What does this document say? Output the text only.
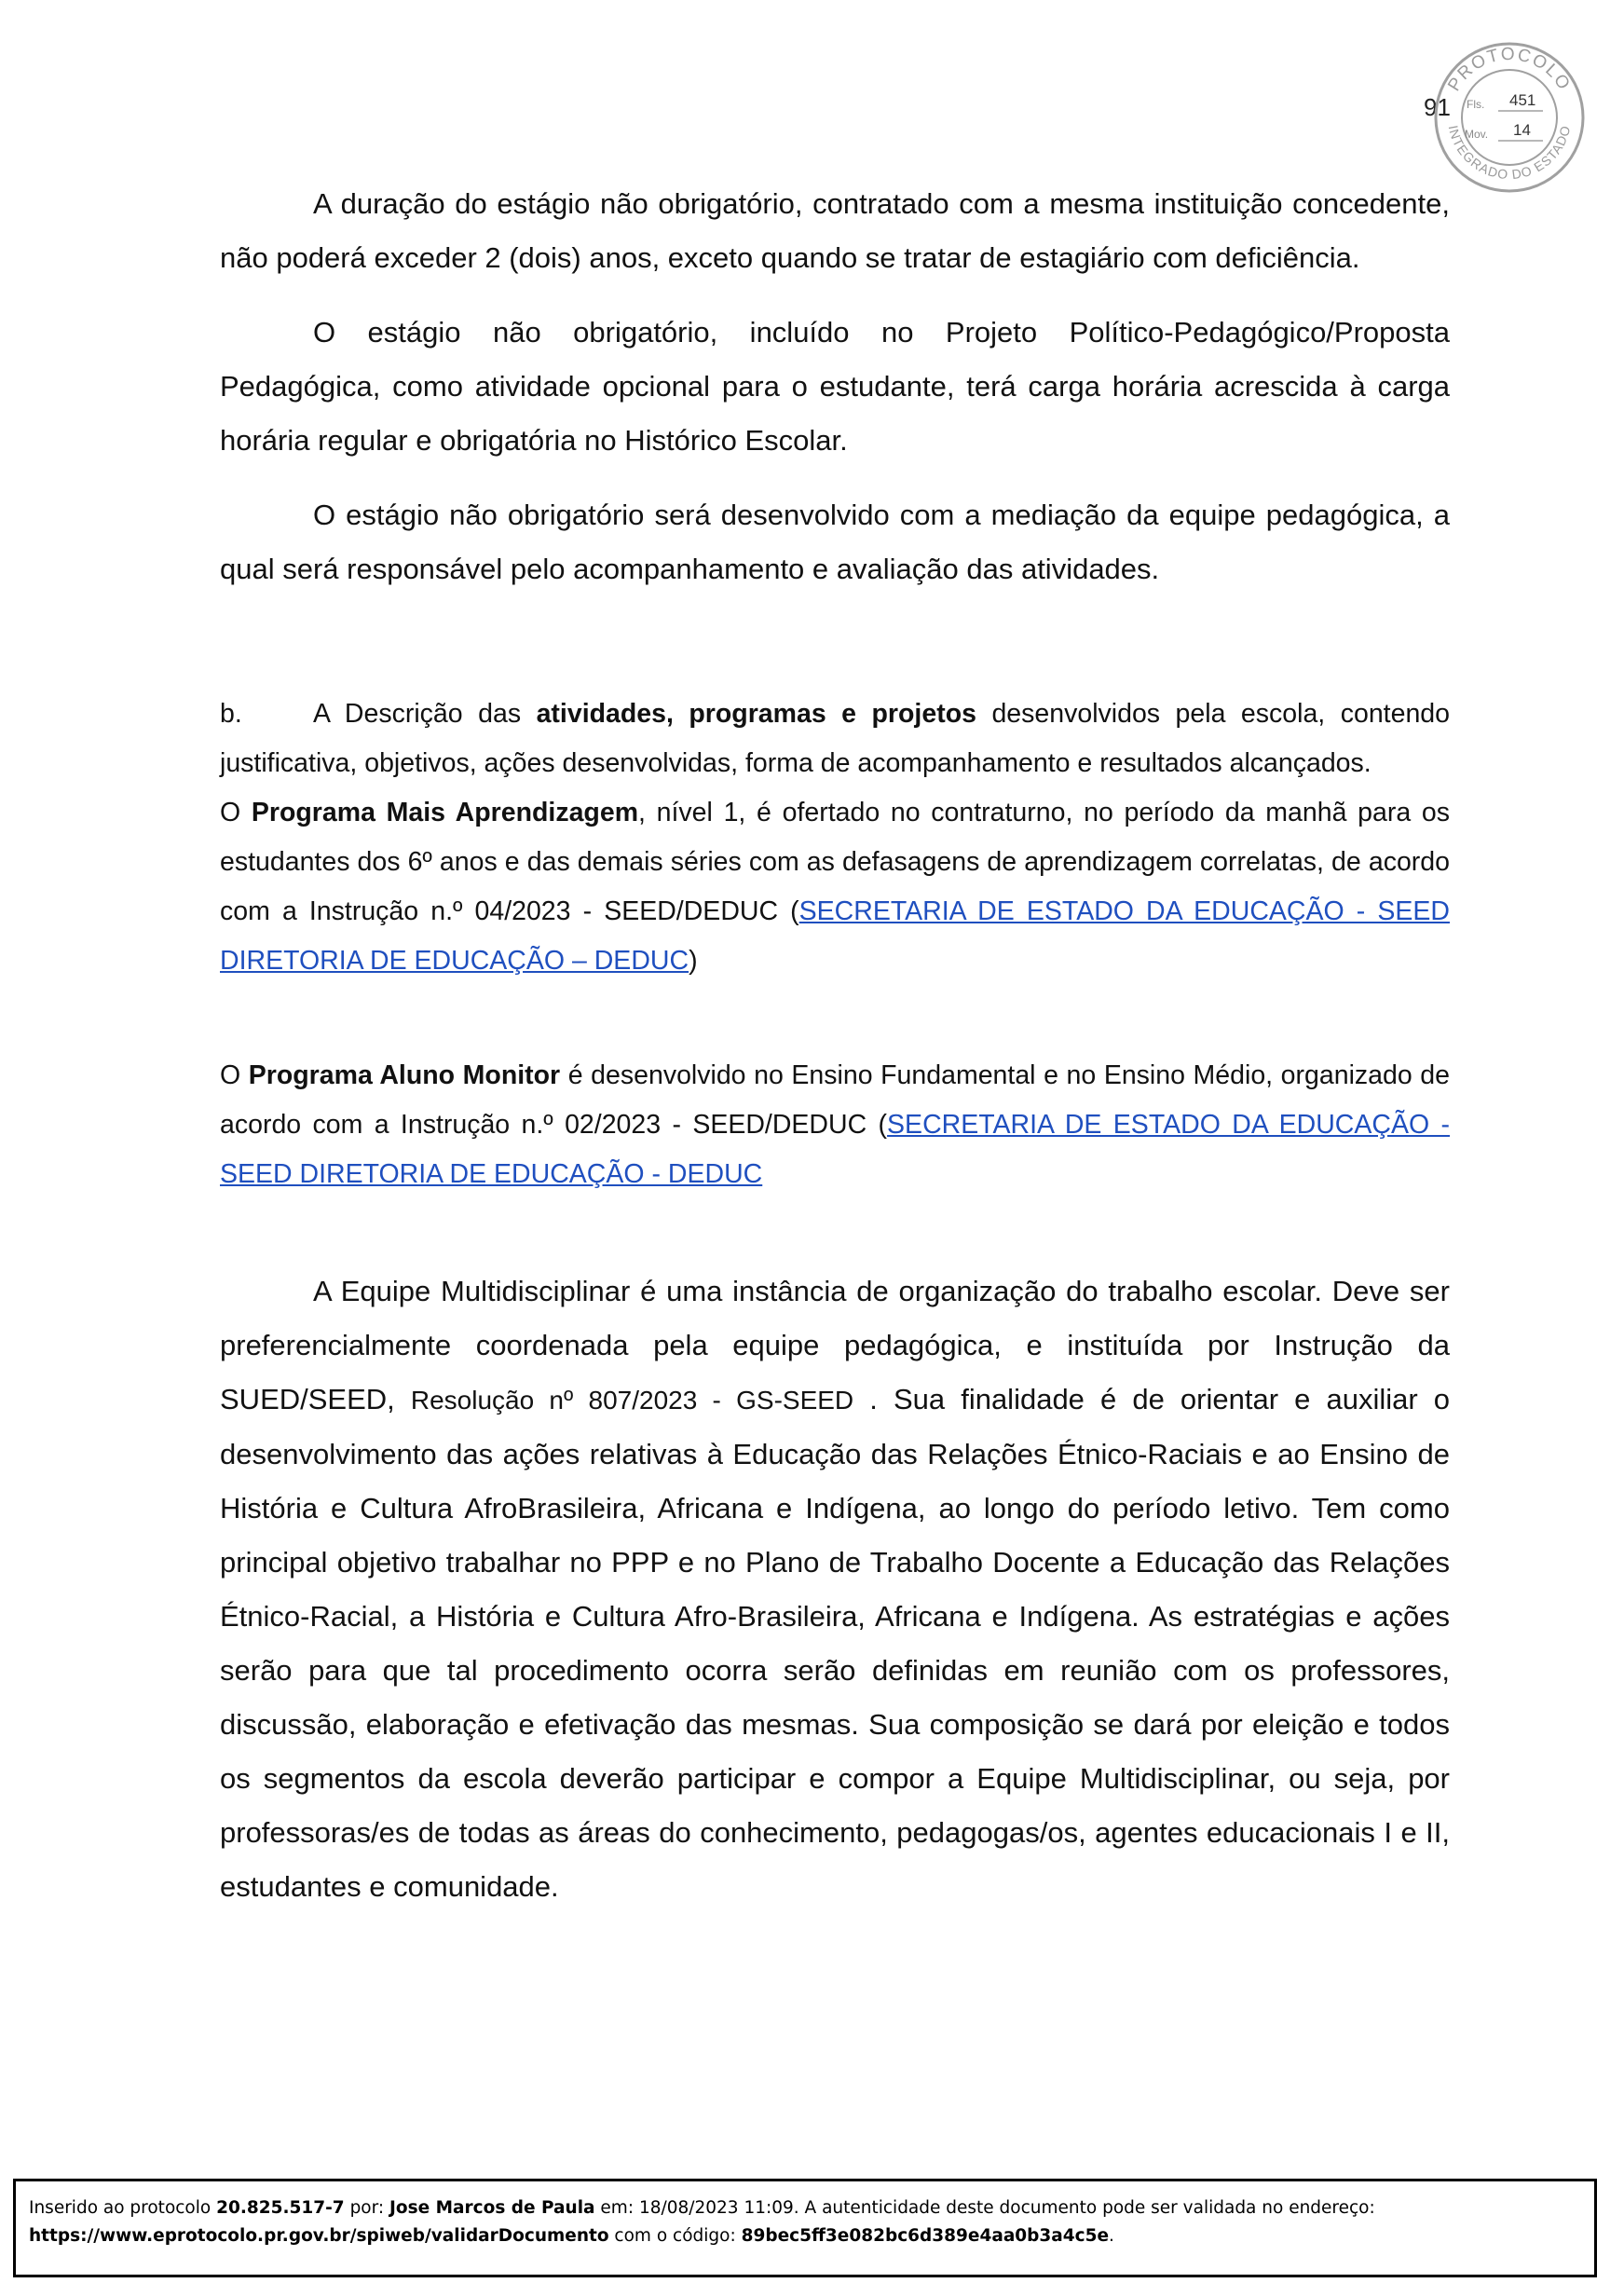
91
PROTOCOLO
INTEGRADO DO ESTADO
Fls. 451
Mov. 14

A duração do estágio não obrigatório, contratado com a mesma instituição concedente, não poderá exceder 2 (dois) anos, exceto quando se tratar de estagiário com deficiência.

O estágio não obrigatório, incluído no Projeto Político-Pedagógico/Proposta Pedagógica, como atividade opcional para o estudante, terá carga horária acrescida à carga horária regular e obrigatória no Histórico Escolar.

O estágio não obrigatório será desenvolvido com a mediação da equipe pedagógica, a qual será responsável pelo acompanhamento e avaliação das atividades.

b.	A Descrição das atividades, programas e projetos desenvolvidos pela escola, contendo justificativa, objetivos, ações desenvolvidas, forma de acompanhamento e resultados alcançados.

O Programa Mais Aprendizagem, nível 1, é ofertado no contraturno, no período da manhã para os estudantes dos 6º anos e das demais séries com as defasagens de aprendizagem correlatas, de acordo com a Instrução n.º 04/2023 - SEED/DEDUC (SECRETARIA DE ESTADO DA EDUCAÇÃO - SEED DIRETORIA DE EDUCAÇÃO – DEDUC)

O Programa Aluno Monitor é desenvolvido no Ensino Fundamental e no Ensino Médio, organizado de acordo com a Instrução n.º 02/2023 - SEED/DEDUC (SECRETARIA DE ESTADO DA EDUCAÇÃO - SEED DIRETORIA DE EDUCAÇÃO - DEDUC

A Equipe Multidisciplinar é uma instância de organização do trabalho escolar. Deve ser preferencialmente coordenada pela equipe pedagógica, e instituída por Instrução da SUED/SEED, Resolução nº 807/2023 - GS-SEED . Sua finalidade é de orientar e auxiliar o desenvolvimento das ações relativas à Educação das Relações Étnico-Raciais e ao Ensino de História e Cultura AfroBrasileira, Africana e Indígena, ao longo do período letivo. Tem como principal objetivo trabalhar no PPP e no Plano de Trabalho Docente a Educação das Relações Étnico-Racial, a História e Cultura Afro-Brasileira, Africana e Indígena. As estratégias e ações serão para que tal procedimento ocorra serão definidas em reunião com os professores, discussão, elaboração e efetivação das mesmas. Sua composição se dará por eleição e todos os segmentos da escola deverão participar e compor a Equipe Multidisciplinar, ou seja, por professoras/es de todas as áreas do conhecimento, pedagogas/os, agentes educacionais I e II, estudantes e comunidade.

Inserido ao protocolo 20.825.517-7 por: Jose Marcos de Paula em: 18/08/2023 11:09. A autenticidade deste documento pode ser validada no endereço:
https://www.eprotocolo.pr.gov.br/spiweb/validarDocumento com o código: 89bec5ff3e082bc6d389e4aa0b3a4c5e.
